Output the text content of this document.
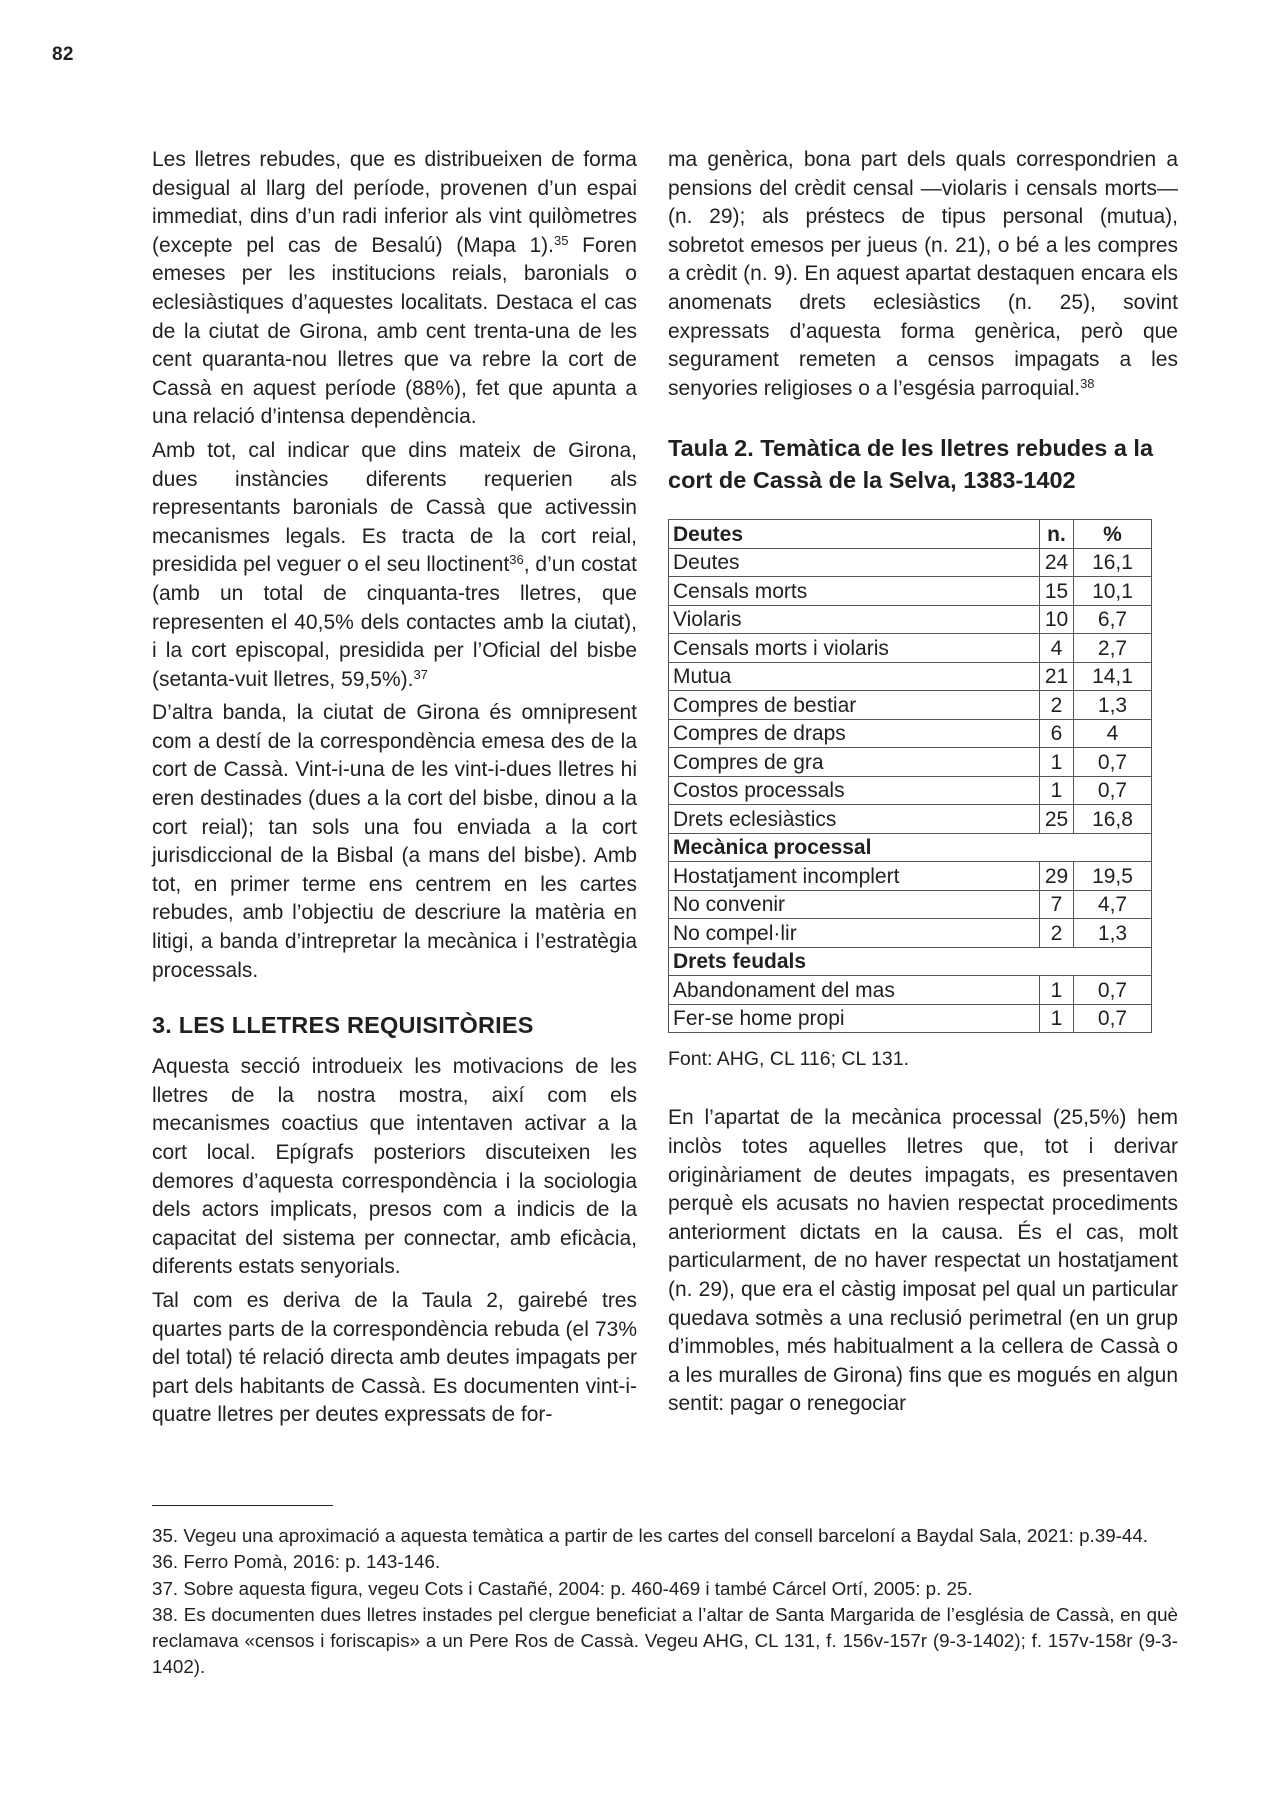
82

Les lletres rebudes, que es distribueixen de forma desigual al llarg del període, provenen d’un espai immediat, dins d’un radi inferior als vint quilòmetres (excepte pel cas de Besalú) (Mapa 1).$^{35}$ Foren emeses per les institucions reials, baronials o eclesiàstiques d’aquestes localitats. Destaca el cas de la ciutat de Girona, amb cent trenta-una de les cent quaranta-nou lletres que va rebre la cort de Cassà en aquest període (88%), fet que apunta a una relació d’intensa dependència.

Amb tot, cal indicar que dins mateix de Girona, dues instàncies diferents requerien als representants baronials de Cassà que activessin mecanismes legals. Es tracta de la cort reial, presidida pel veguer o el seu lloctinent$^{36}$, d’un costat (amb un total de cinquanta-tres lletres, que representen el 40,5% dels contactes amb la ciutat), i la cort episcopal, presidida per l’Oficial del bisbe (setanta-vuit lletres, 59,5%).$^{37}$

D’altra banda, la ciutat de Girona és omnipresent com a destí de la correspondència emesa des de la cort de Cassà. Vint-i-una de les vint-i-dues lletres hi eren destinades (dues a la cort del bisbe, dinou a la cort reial); tan sols una fou enviada a la cort jurisdiccional de la Bisbal (a mans del bisbe). Amb tot, en primer terme ens centrem en les cartes rebudes, amb l’objectiu de descriure la matèria en litigi, a banda d’intrepretar la mecànica i l’estratègia processals.

3. LES LLETRES REQUISITÒRIES

Aquesta secció introdueix les motivacions de les lletres de la nostra mostra, així com els mecanismes coactius que intentaven activar a la cort local. Epígrafs posteriors discuteixen les demores d’aquesta correspondència i la sociologia dels actors implicats, presos com a indicis de la capacitat del sistema per connectar, amb eficàcia, diferents estats senyorials.

Tal com es deriva de la Taula 2, gairebé tres quartes parts de la correspondència rebuda (el 73% del total) té relació directa amb deutes impagats per part dels habitants de Cassà. Es documenten vint-i-quatre lletres per deutes expressats de for-

ma genèrica, bona part dels quals correspondrien a pensions del crèdit censal —violaris i censals morts— (n. 29); als préstecs de tipus personal (mutua), sobretot emesos per jueus (n. 21), o bé a les compres a crèdit (n. 9). En aquest apartat destaquen encara els anomenats drets eclesiàstics (n. 25), sovint expressats d’aquesta forma genèrica, però que segurament remeten a censos impagats a les senyories religioses o a l’esgésia parroquial.$^{38}$

Taula 2. Temàtica de les lletres rebudes a la cort de Cassà de la Selva, 1383-1402
Deutes	n.	%
Deutes	24	16,1
Censals morts	15	10,1
Violaris	10	6,7
Censals morts i violaris	4	2,7
Mutua	21	14,1
Compres de bestiar	2	1,3
Compres de draps	6	4
Compres de gra	1	0,7
Costos processals	1	0,7
Drets eclesiàstics	25	16,8
Mecànica processal		
Hostatjament incomplert	29	19,5
No convenir	7	4,7
No compel·lir	2	1,3
Drets feudals		
Abandonament del mas	1	0,7
Fer-se home propi	1	0,7

Font: AHG, CL 116; CL 131.

En l’apartat de la mecànica processal (25,5%) hem inclòs totes aquelles lletres que, tot i derivar originàriament de deutes impagats, es presentaven perquè els acusats no havien respectat procediments anteriorment dictats en la causa. És el cas, molt particularment, de no haver respectat un hostatjament (n. 29), que era el càstig imposat pel qual un particular quedava sotmès a una reclusió perimetral (en un grup d’immobles, més habitualment a la cellera de Cassà o a les muralles de Girona) fins que es mogués en algun sentit: pagar o renegociar

35. Vegeu una aproximació a aquesta temàtica a partir de les cartes del consell barceloní a Baydal Sala, 2021: p.39-44.

36. Ferro Pomà, 2016: p. 143-146.

37. Sobre aquesta figura, vegeu Cots i Castañé, 2004: p. 460-469 i també Cárcel Ortí, 2005: p. 25.

38. Es documenten dues lletres instades pel clergue beneficiat a l’altar de Santa Margarida de l’església de Cassà, en què reclamava «censos i foriscapis» a un Pere Ros de Cassà. Vegeu AHG, CL 131, f. 156v-157r (9-3-1402); f. 157v-158r (9-3-1402).
